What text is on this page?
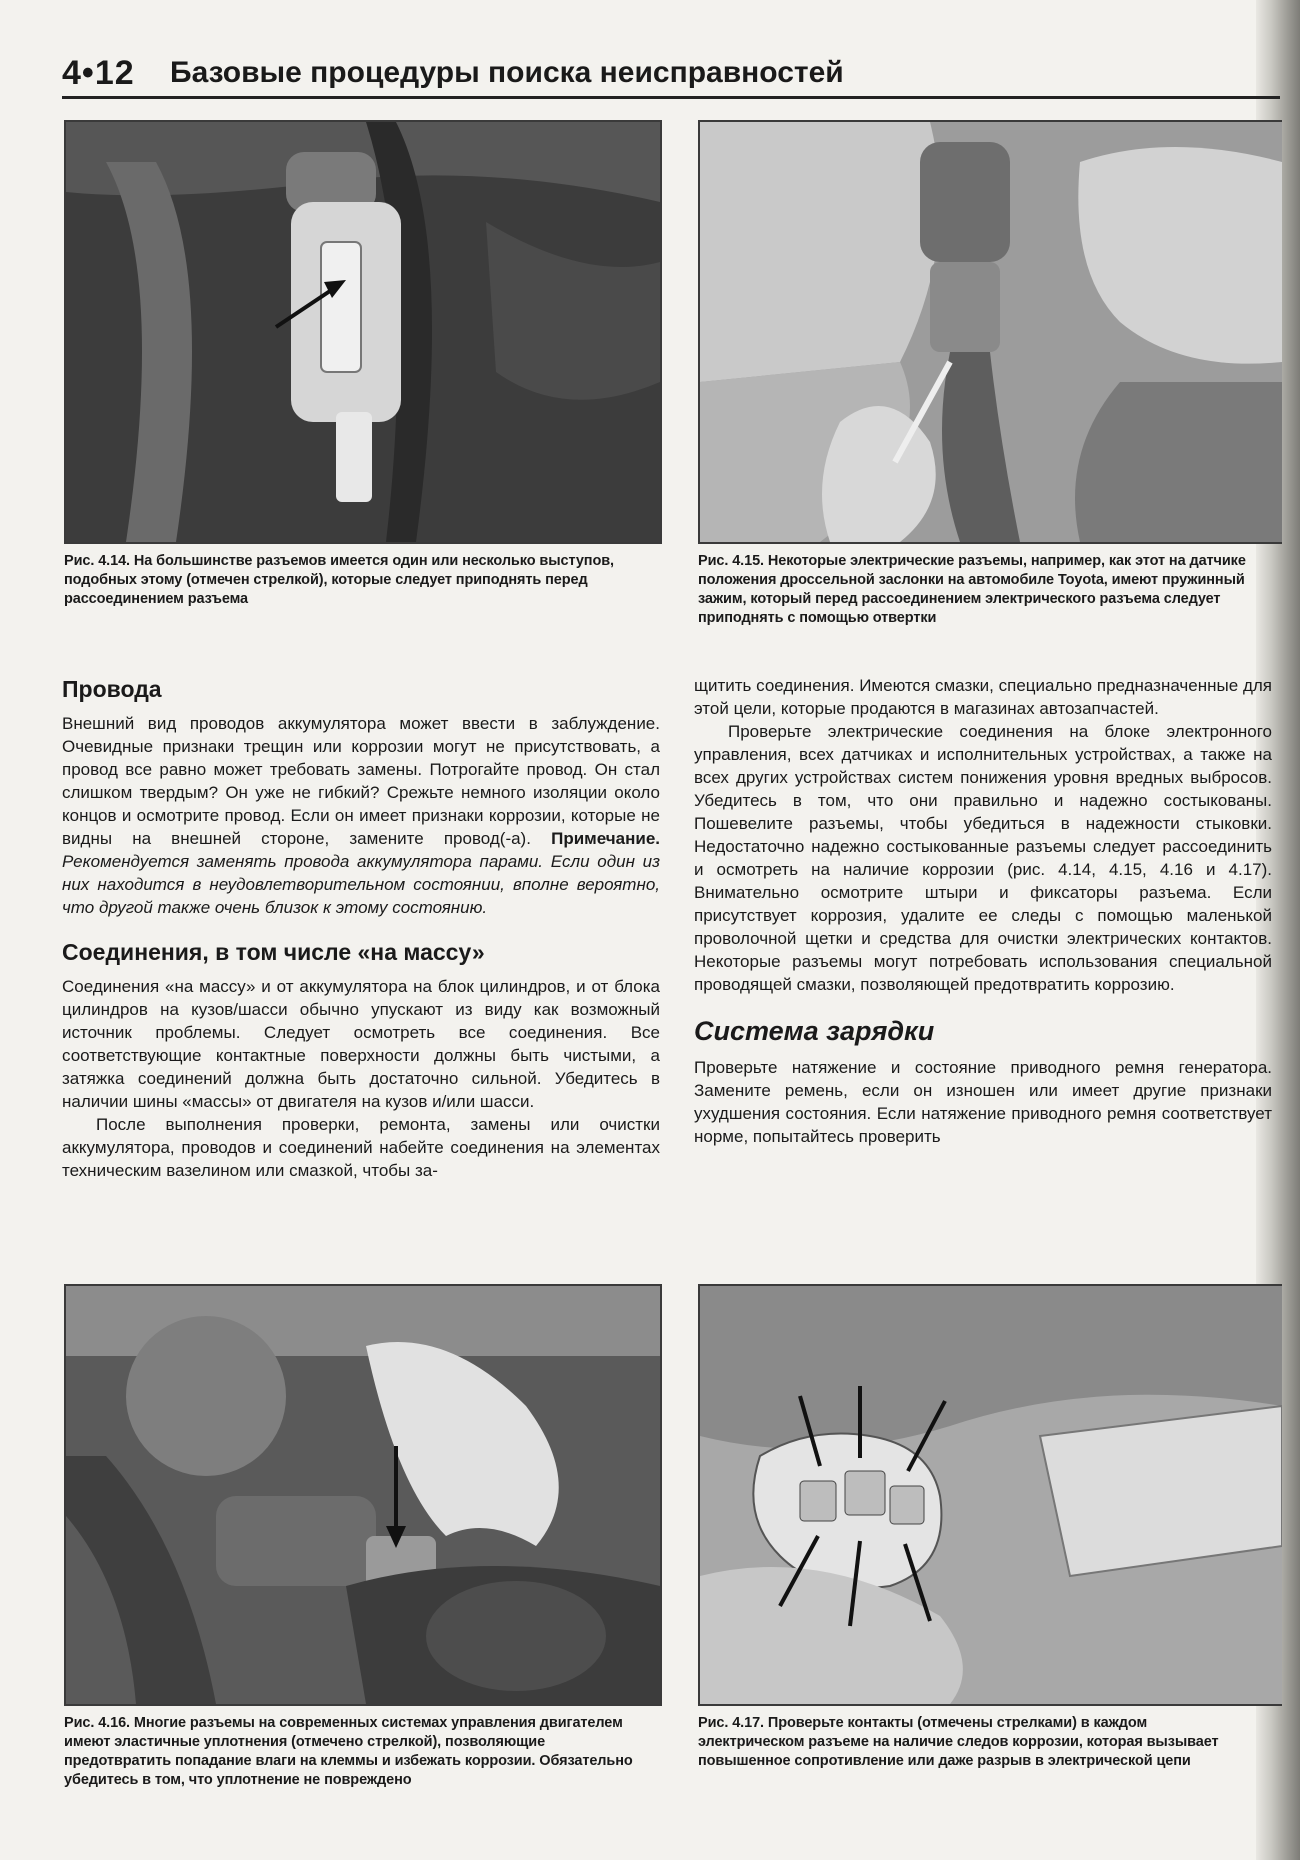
4•12 Базовые процедуры поиска неисправностей

Рис. 4.14. На большинстве разъемов имеется один или несколько выступов, подобных этому (отмечен стрелкой), которые следует приподнять перед рассоединением разъема

Рис. 4.15. Некоторые электрические разъемы, например, как этот на датчике положения дроссельной заслонки на автомобиле Toyota, имеют пружинный зажим, который перед рассоединением электрического разъема следует приподнять с помощью отвертки

Провода

Внешний вид проводов аккумулятора может ввести в заблуждение. Очевидные признаки трещин или коррозии могут не присутствовать, а провод все равно может требовать замены. Потрогайте провод. Он стал слишком твердым? Он уже не гибкий? Срежьте немного изоляции около концов и осмотрите провод. Если он имеет признаки коррозии, которые не видны на внешней стороне, замените провод(-а). Примечание. Рекомендуется заменять провода аккумулятора парами. Если один из них находится в неудовлетворительном состоянии, вполне вероятно, что другой также очень близок к этому состоянию.

Соединения, в том числе «на массу»

Соединения «на массу» и от аккумулятора на блок цилиндров, и от блока цилиндров на кузов/шасси обычно упускают из виду как возможный источник проблемы. Следует осмотреть все соединения. Все соответствующие контактные поверхности должны быть чистыми, а затяжка соединений должна быть достаточно сильной. Убедитесь в наличии шины «массы» от двигателя на кузов и/или шасси.

После выполнения проверки, ремонта, замены или очистки аккумулятора, проводов и соединений набейте соединения на элементах техническим вазелином или смазкой, чтобы за-

щитить соединения. Имеются смазки, специально предназначенные для этой цели, которые продаются в магазинах автозапчастей.

Проверьте электрические соединения на блоке электронного управления, всех датчиках и исполнительных устройствах, а также на всех других устройствах систем понижения уровня вредных выбросов. Убедитесь в том, что они правильно и надежно состыкованы. Пошевелите разъемы, чтобы убедиться в надежности стыковки. Недостаточно надежно состыкованные разъемы следует рассоединить и осмотреть на наличие коррозии (рис. 4.14, 4.15, 4.16 и 4.17). Внимательно осмотрите штыри и фиксаторы разъема. Если присутствует коррозия, удалите ее следы с помощью маленькой проволочной щетки и средства для очистки электрических контактов. Некоторые разъемы могут потребовать использования специальной проводящей смазки, позволяющей предотвратить коррозию.

Система зарядки

Проверьте натяжение и состояние приводного ремня генератора. Замените ремень, если он изношен или имеет другие признаки ухудшения состояния. Если натяжение приводного ремня соответствует норме, попытайтесь проверить

Рис. 4.16. Многие разъемы на современных системах управления двигателем имеют эластичные уплотнения (отмечено стрелкой), позволяющие предотвратить попадание влаги на клеммы и избежать коррозии. Обязательно убедитесь в том, что уплотнение не повреждено

Рис. 4.17. Проверьте контакты (отмечены стрелками) в каждом электрическом разъеме на наличие следов коррозии, которая вызывает повышенное сопротивление или даже разрыв в электрической цепи
